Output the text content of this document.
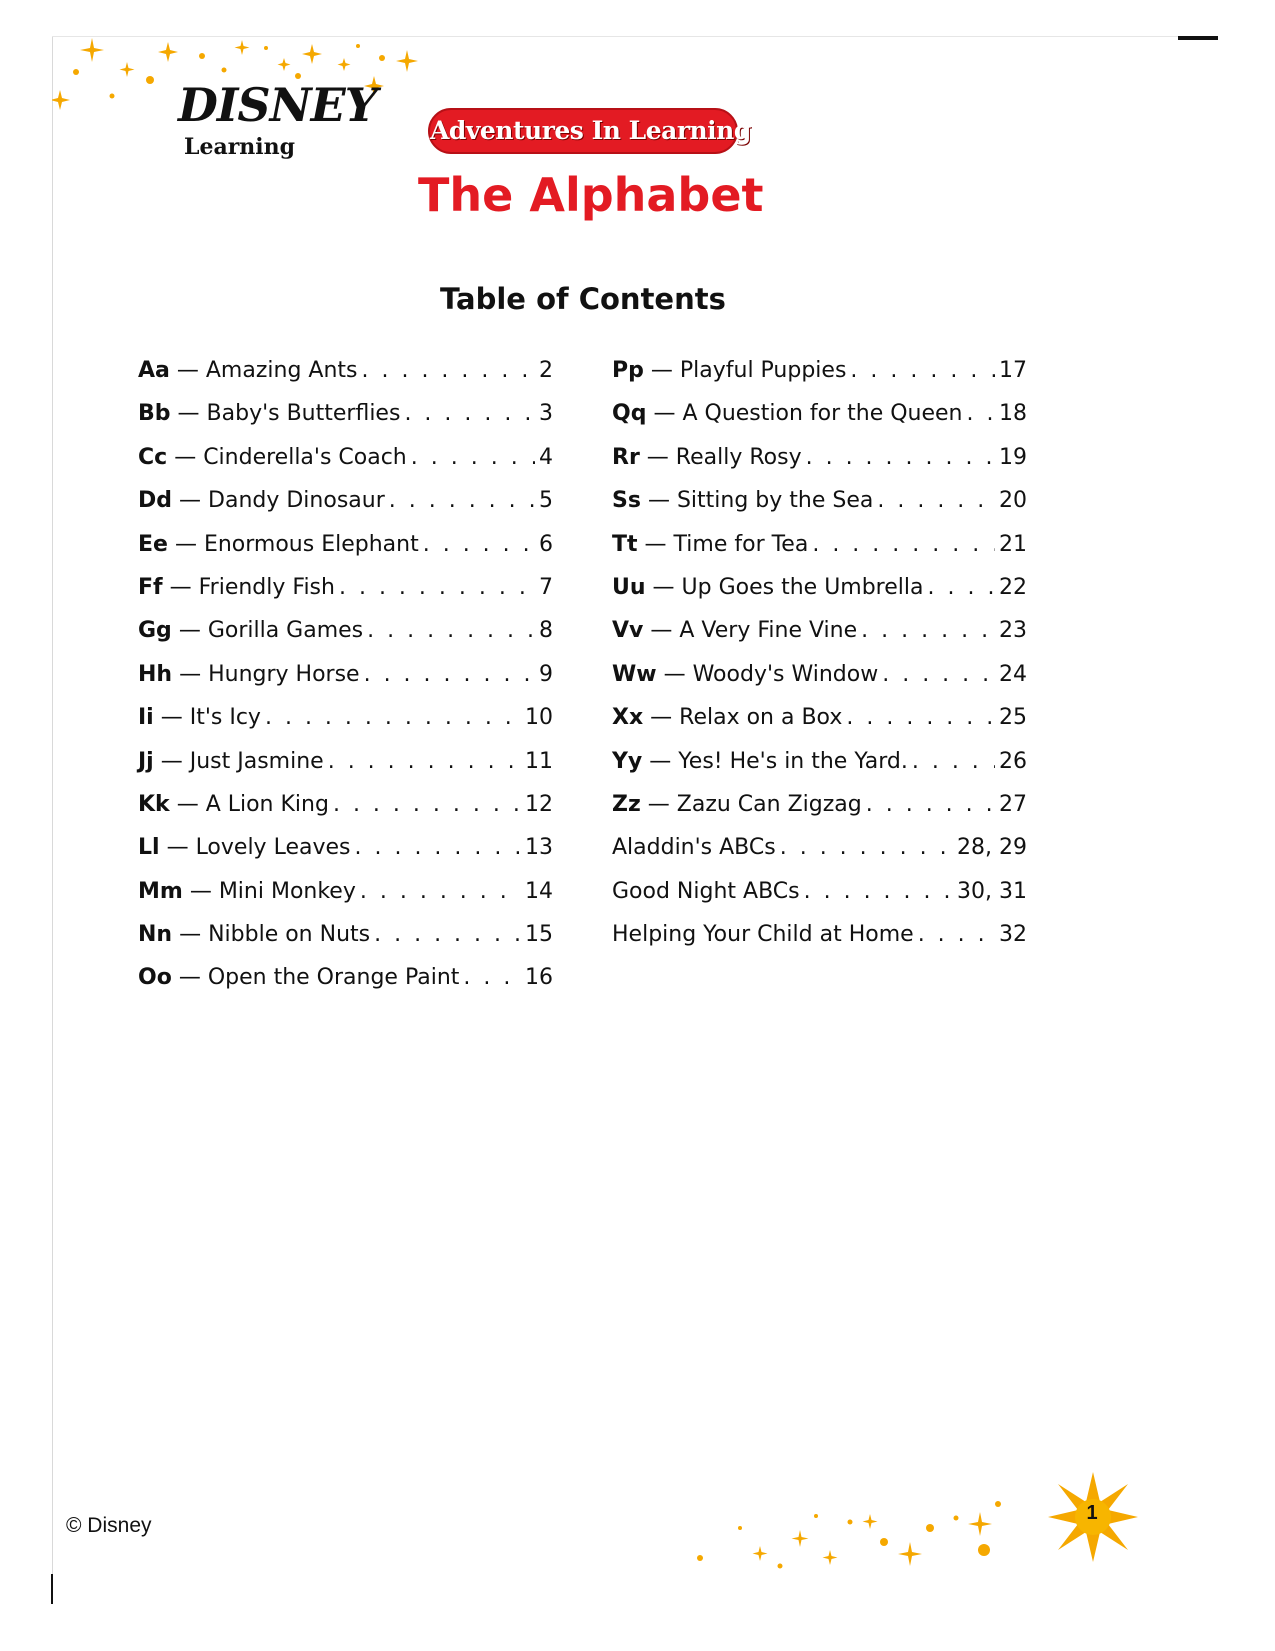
DISNEY
Learning
Adventures In Learning
The Alphabet
Table of Contents
Aa — Amazing Ants . . .	2
Bb — Baby's Butterflies . . .	3
Cc — Cinderella's Coach . . .	4
Dd — Dandy Dinosaur . . .	5
Ee — Enormous Elephant . . .	6
Ff — Friendly Fish . . .	7
Gg — Gorilla Games . . .	8
Hh — Hungry Horse . . .	9
Ii — It's Icy . . .	10
Jj — Just Jasmine . . .	11
Kk — A Lion King . . .	12
Ll — Lovely Leaves . . .	13
Mm — Mini Monkey . . .	14
Nn — Nibble on Nuts . . .	15
Oo — Open the Orange Paint . . .	16
Pp — Playful Puppies . . .	17
Qq — A Question for the Queen . . . 18
Rr — Really Rosy . . .	19
Ss — Sitting by the Sea . . .	20
Tt — Time for Tea . . .	21
Uu — Up Goes the Umbrella . . .	22
Vv — A Very Fine Vine . . .	23
Ww — Woody's Window . . .	24
Xx — Relax on a Box . . .	25
Yy — Yes! He's in the Yard. . . .	26
Zz — Zazu Can Zigzag . . .	27
Aladdin's ABCs . . .	28, 29
Good Night ABCs . . .	30, 31
Helping Your Child at Home . . .	32
1
© Disney
